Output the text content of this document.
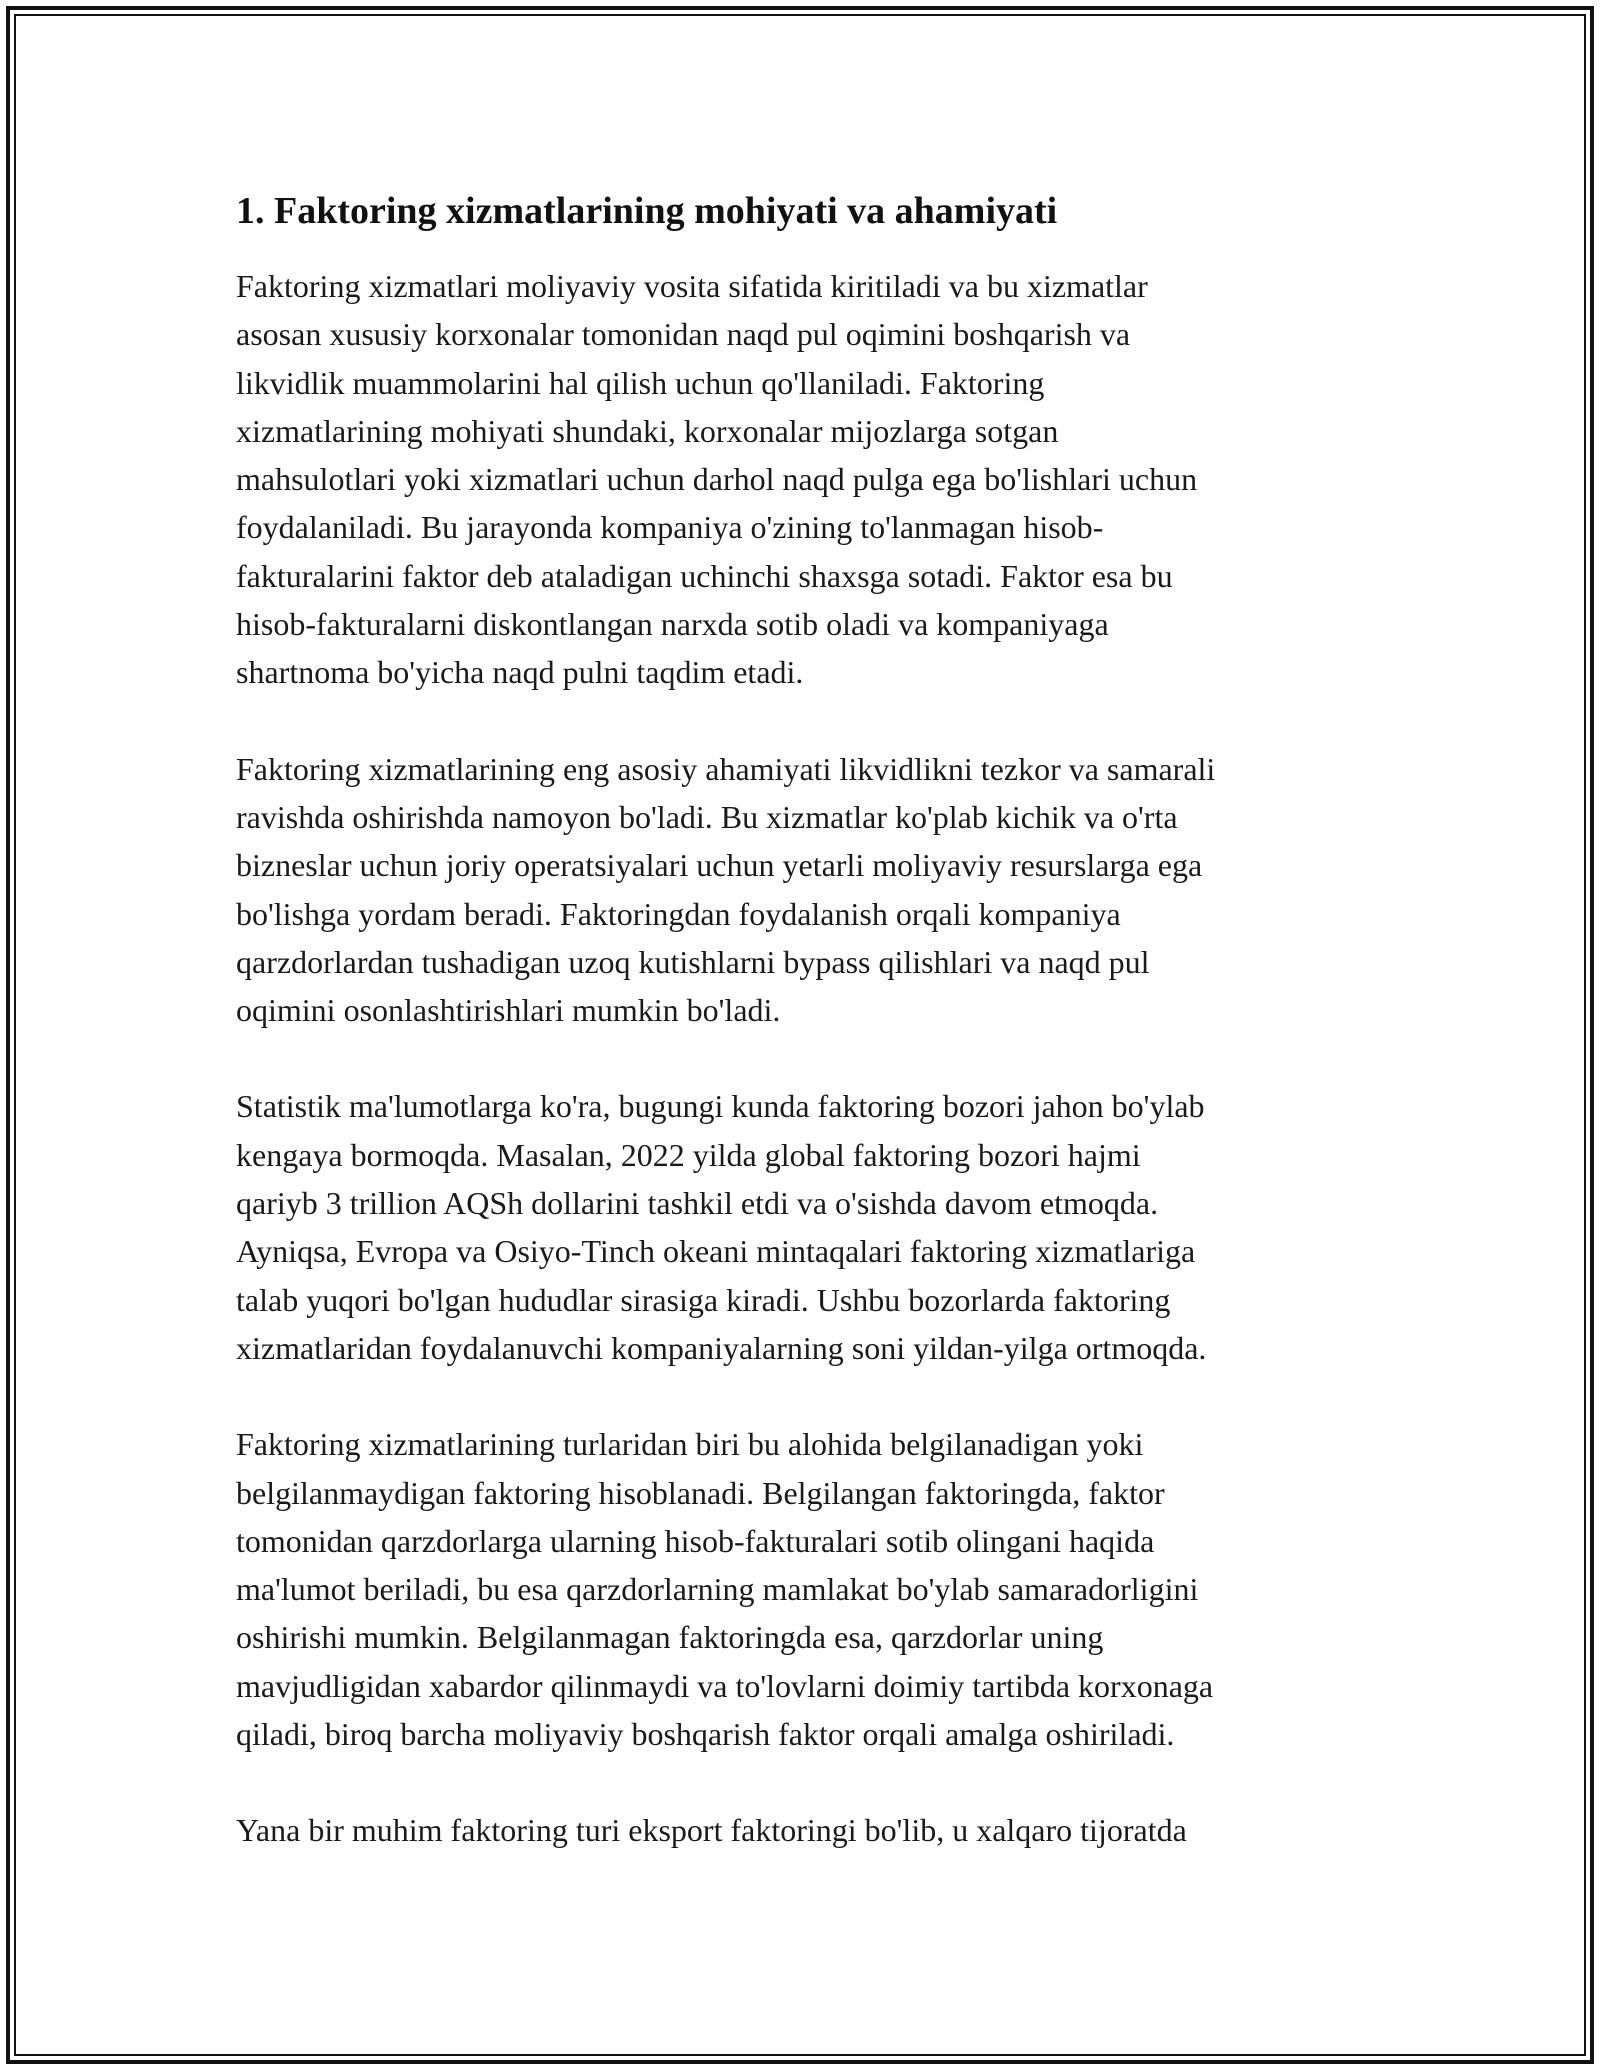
1. Faktoring xizmatlarining mohiyati va ahamiyati

Faktoring xizmatlari moliyaviy vosita sifatida kiritiladi va bu xizmatlar
asosan xususiy korxonalar tomonidan naqd pul oqimini boshqarish va
likvidlik muammolarini hal qilish uchun qo'llaniladi. Faktoring
xizmatlarining mohiyati shundaki, korxonalar mijozlarga sotgan
mahsulotlari yoki xizmatlari uchun darhol naqd pulga ega bo'lishlari uchun
foydalaniladi. Bu jarayonda kompaniya o'zining to'lanmagan hisob-
fakturalarini faktor deb ataladigan uchinchi shaxsga sotadi. Faktor esa bu
hisob-fakturalarni diskontlangan narxda sotib oladi va kompaniyaga
shartnoma bo'yicha naqd pulni taqdim etadi.

Faktoring xizmatlarining eng asosiy ahamiyati likvidlikni tezkor va samarali
ravishda oshirishda namoyon bo'ladi. Bu xizmatlar ko'plab kichik va o'rta
bizneslar uchun joriy operatsiyalari uchun yetarli moliyaviy resurslarga ega
bo'lishga yordam beradi. Faktoringdan foydalanish orqali kompaniya
qarzdorlardan tushadigan uzoq kutishlarni bypass qilishlari va naqd pul
oqimini osonlashtirishlari mumkin bo'ladi.

Statistik ma'lumotlarga ko'ra, bugungi kunda faktoring bozori jahon bo'ylab
kengaya bormoqda. Masalan, 2022 yilda global faktoring bozori hajmi
qariyb 3 trillion AQSh dollarini tashkil etdi va o'sishda davom etmoqda.
Ayniqsa, Evropa va Osiyo-Tinch okeani mintaqalari faktoring xizmatlariga
talab yuqori bo'lgan hududlar sirasiga kiradi. Ushbu bozorlarda faktoring
xizmatlaridan foydalanuvchi kompaniyalarning soni yildan-yilga ortmoqda.

Faktoring xizmatlarining turlaridan biri bu alohida belgilanadigan yoki
belgilanmaydigan faktoring hisoblanadi. Belgilangan faktoringda, faktor
tomonidan qarzdorlarga ularning hisob-fakturalari sotib olingani haqida
ma'lumot beriladi, bu esa qarzdorlarning mamlakat bo'ylab samaradorligini
oshirishi mumkin. Belgilanmagan faktoringda esa, qarzdorlar uning
mavjudligidan xabardor qilinmaydi va to'lovlarni doimiy tartibda korxonaga
qiladi, biroq barcha moliyaviy boshqarish faktor orqali amalga oshiriladi.

Yana bir muhim faktoring turi eksport faktoringi bo'lib, u xalqaro tijoratda
